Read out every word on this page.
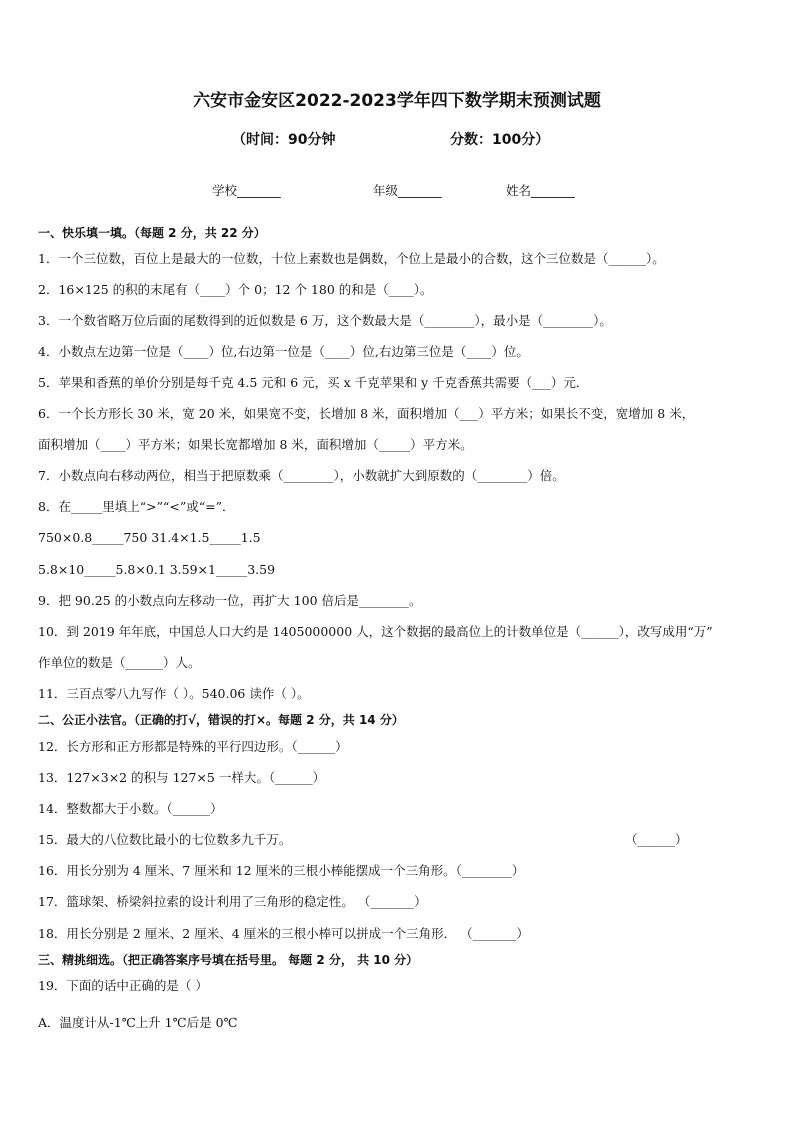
六安市金安区2022-2023学年四下数学期末预测试题
（时间：90分钟	分数：100分）
学校_______	年级_______	姓名_______
一、快乐填一填。（每题 2 分，共 22 分）
1．一个三位数，百位上是最大的一位数，十位上素数也是偶数，个位上是最小的合数，这个三位数是（______）。
2．16×125 的积的末尾有（____）个 0；12 个 180 的和是（____）。
3．一个数省略万位后面的尾数得到的近似数是 6 万，这个数最大是（________），最小是（________）。
4．小数点左边第一位是（____）位,右边第一位是（____）位,右边第三位是（____）位。
5．苹果和香蕉的单价分别是每千克 4.5 元和 6 元，买 x 千克苹果和 y 千克香蕉共需要（___）元．
6．一个长方形长 30 米，宽 20 米，如果宽不变，长增加 8 米，面积增加（___）平方米；如果长不变，宽增加 8 米，
面积增加（____）平方米；如果长宽都增加 8 米，面积增加（_____）平方米。
7．小数点向右移动两位，相当于把原数乘（________），小数就扩大到原数的（________）倍。
8．在_____里填上“>”“<”或“=”．
750×0.8_____750 31.4×1.5_____1.5
5.8×10_____5.8×0.1 3.59×1_____3.59
9．把 90.25 的小数点向左移动一位，再扩大 100 倍后是________。
10．到 2019 年年底，中国总人口大约是 1405000000 人，这个数据的最高位上的计数单位是（______），改写成用“万”
作单位的数是（______）人。
11．三百点零八九写作（ ）。540.06 读作（ ）。
二、公正小法官。（正确的打√，错误的打×。每题 2 分，共 14 分）
12．长方形和正方形都是特殊的平行四边形。（______）
13．127×3×2 的积与 127×5 一样大。（______）
14．整数都大于小数。（______）
15．最大的八位数比最小的七位数多九千万。	（______）
16．用长分别为 4 厘米、7 厘米和 12 厘米的三根小棒能摆成一个三角形。（________）
17．篮球架、桥梁斜拉索的设计利用了三角形的稳定性。 （_______）
18．用长分别是 2 厘米、2 厘米、4 厘米的三根小棒可以拼成一个三角形． （_______）
三、精挑细选。（把正确答案序号填在括号里。 每题 2 分， 共 10 分）
19．下面的话中正确的是（ ）
A．温度计从-1℃上升 1℃后是 0℃
